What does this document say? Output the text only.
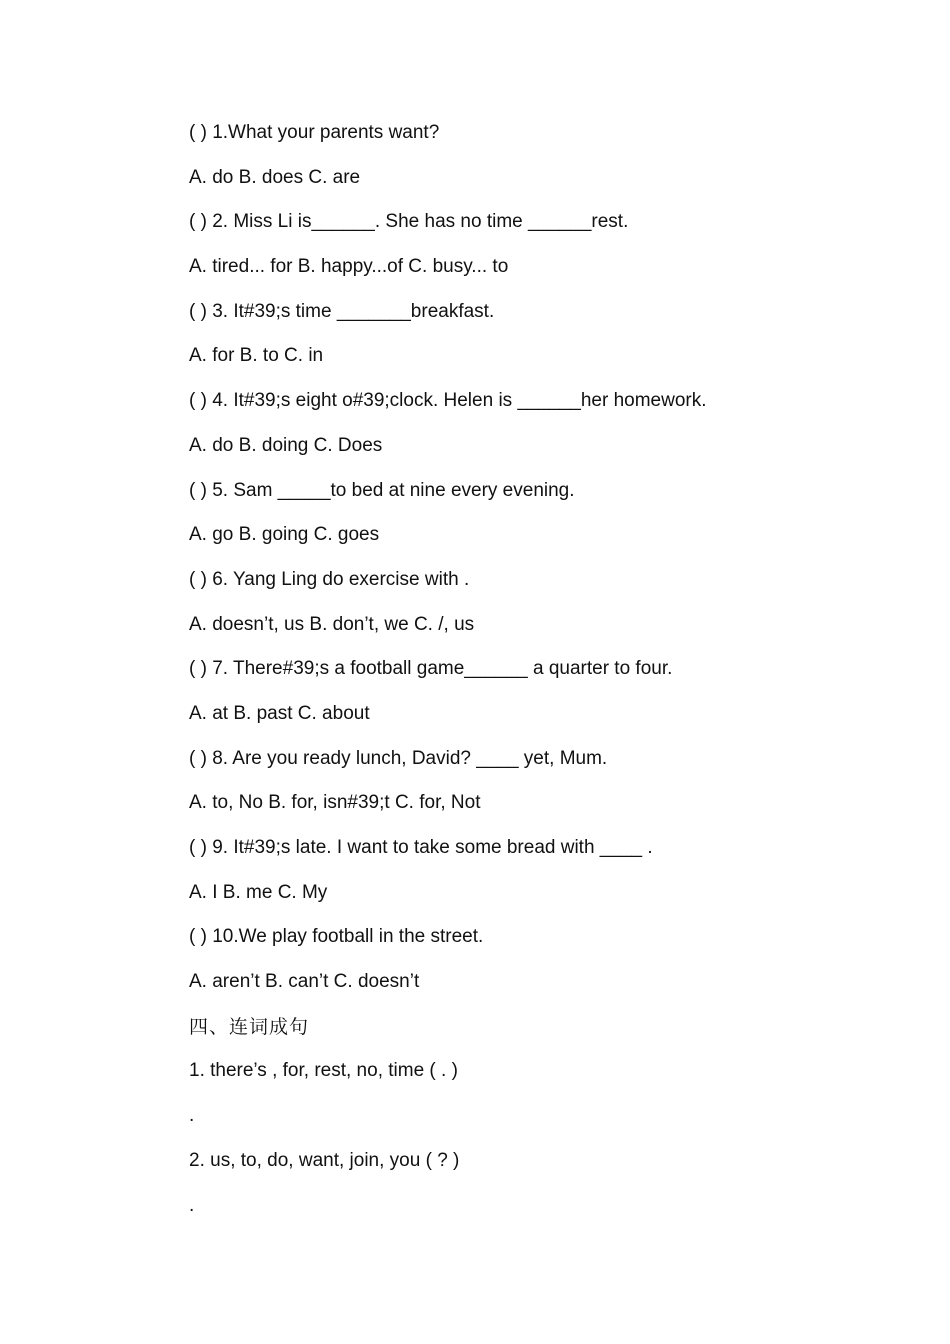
( ) 1.What your parents want?
A. do B. does C. are
( ) 2. Miss Li is______. She has no time ______rest.
A. tired... for B. happy...of C. busy... to
( ) 3. It#39;s time _______breakfast.
A. for B. to C. in
( ) 4. It#39;s eight o#39;clock. Helen is ______her homework.
A. do B. doing C. Does
( ) 5. Sam _____to bed at nine every evening.
A. go B. going C. goes
( ) 6. Yang Ling do exercise with .
A. doesn’t, us B. don’t, we C. /, us
( ) 7. There#39;s a football game______ a quarter to four.
A. at B. past C. about
( ) 8. Are you ready lunch, David? ____ yet, Mum.
A. to, No B. for, isn#39;t C. for, Not
( ) 9. It#39;s late. I want to take some bread with ____ .
A. I B. me C. My
( ) 10.We play football in the street.
A. aren’t B. can’t C. doesn’t
四、连词成句
1. there’s , for, rest, no, time ( . )
.
2. us, to, do, want, join, you ( ? )
.
